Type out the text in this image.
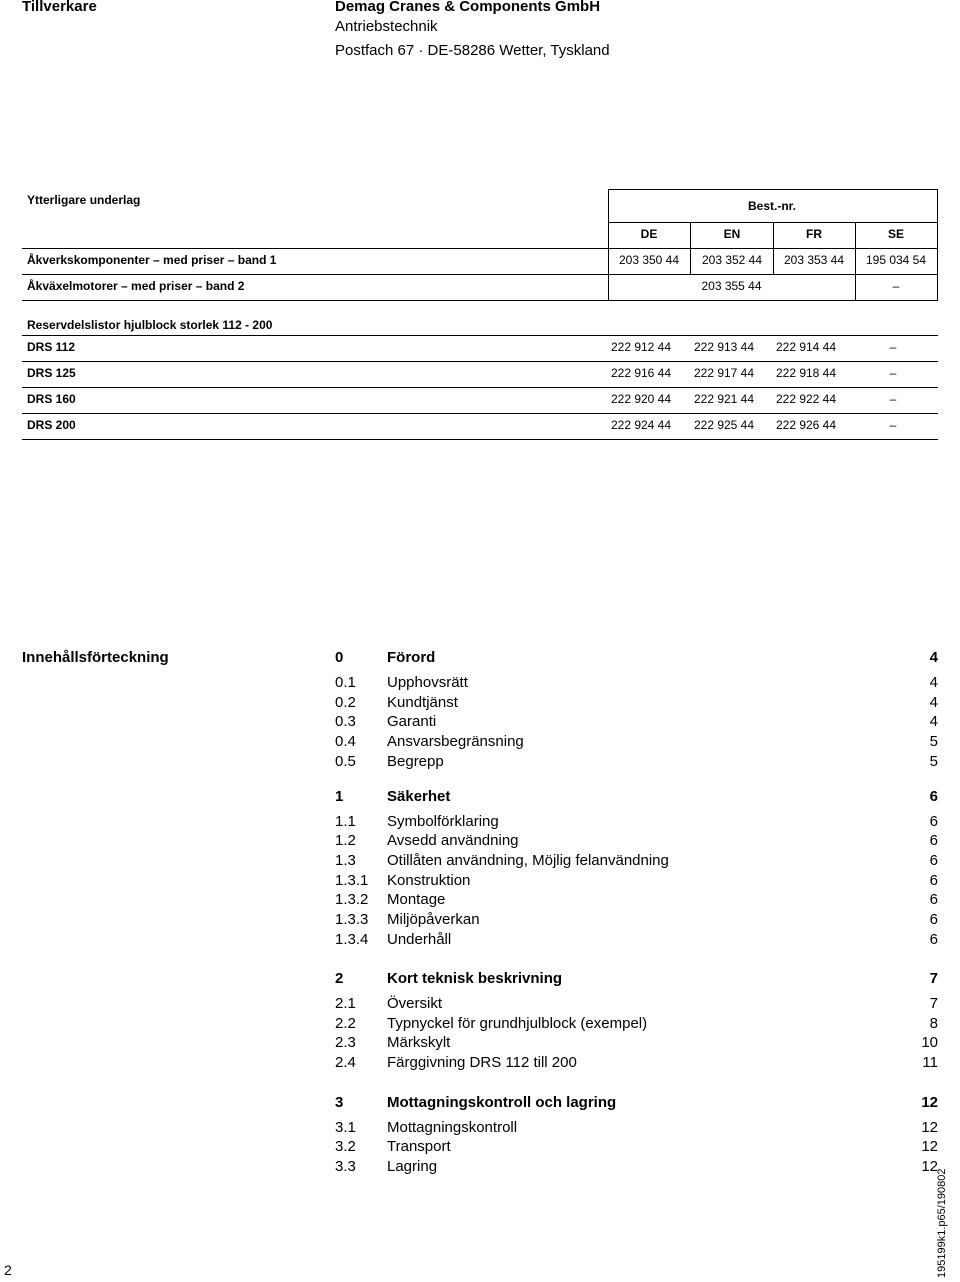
Tillverkare	Demag Cranes & Components GmbH
Antriebstechnik
Postfach 67 · DE-58286 Wetter, Tyskland
Ytterligare underlag	Best.-nr.
DE	EN	FR	SE
Åkverkskomponenter – med priser – band 1	203 350 44	203 352 44	203 353 44	195 034 54
Åkväxelmotorer – med priser – band 2	203 355 44	–
Reservdelslistor hjulblock storlek 112 - 200
DRS 112	222 912 44	222 913 44	222 914 44	–
DRS 125	222 916 44	222 917 44	222 918 44	–
DRS 160	222 920 44	222 921 44	222 922 44	–
DRS 200	222 924 44	222 925 44	222 926 44	–
Innehållsförteckning	0	Förord	4
0.1 Upphovsrätt	4
0.2 Kundtjänst	4
0.3 Garanti	4
0.4 Ansvarsbegränsning	5
0.5 Begrepp	5
1	Säkerhet	6
1.1 Symbolförklaring	6
1.2 Avsedd användning	6
1.3 Otillåten användning, Möjlig felanvändning	6
1.3.1 Konstruktion	6
1.3.2 Montage	6
1.3.3 Miljöpåverkan	6
1.3.4 Underhåll	6
2	Kort teknisk beskrivning	7
2.1 Översikt	7
2.2 Typnyckel för grundhjulblock (exempel)	8
2.3 Märkskylt	10
2.4 Färggivning DRS 112 till 200	11
3	Mottagningskontroll och lagring	12
3.1 Mottagningskontroll	12
3.2 Transport	12
3.3 Lagring	12
2	195199k1.p65/190802
